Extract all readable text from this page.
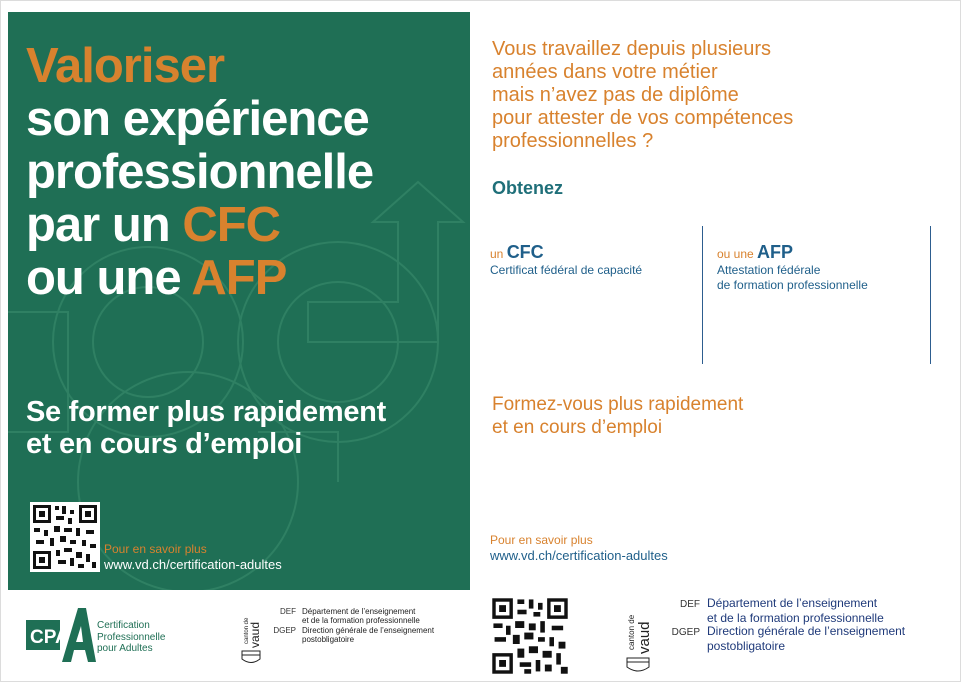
Valoriser
son expérience
professionnelle
par un CFC
ou une AFP
Se former plus rapidement
et en cours d’emploi
Pour en savoir plus
www.vd.ch/certification-adultes
CPA
Certification
Professionnelle
pour Adultes
canton de
vaud
DEF Département de l’enseignement
et de la formation professionnelle
DGEP Direction générale de l’enseignement
postobligatoire
Vous travaillez depuis plusieurs
années dans votre métier
mais n’avez pas de diplôme
pour attester de vos compétences
professionnelles ?
Obtenez
un CFC
Certificat fédéral de capacité
ou une AFP
Attestation fédérale
de formation professionnelle
Formez-vous plus rapidement
et en cours d’emploi
Pour en savoir plus
www.vd.ch/certification-adultes
canton de vaud
DEF Département de l’enseignement
et de la formation professionnelle
DGEP Direction générale de l’enseignement
postobligatoire
